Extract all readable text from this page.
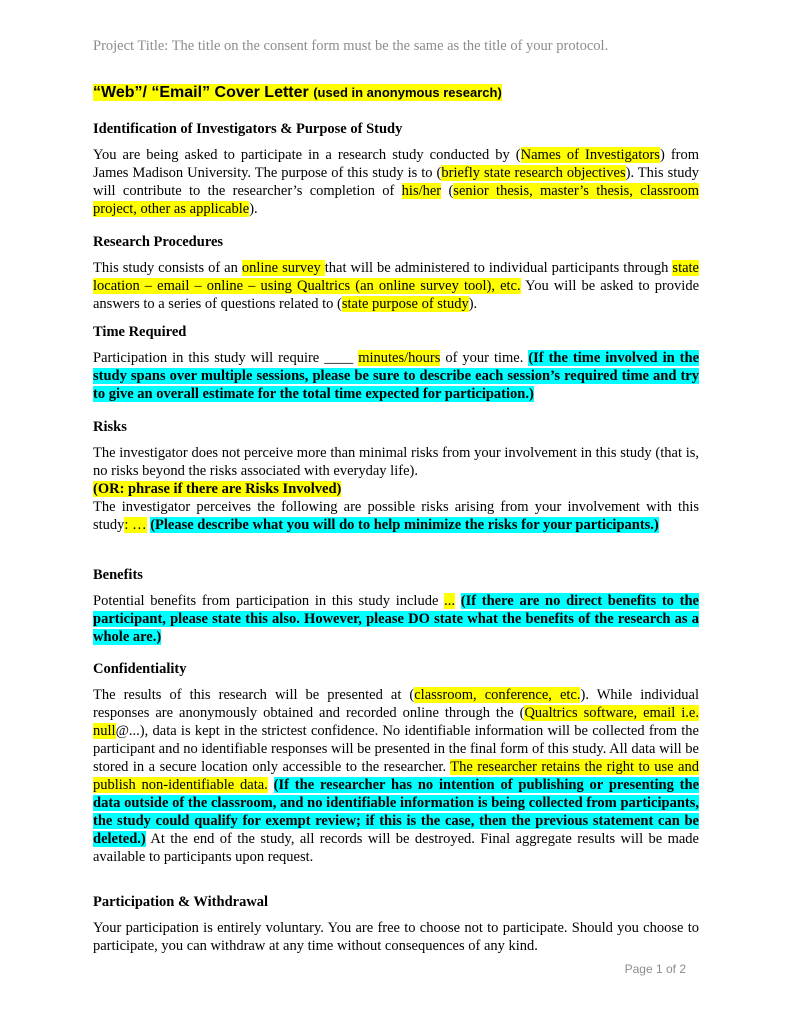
Project Title: The title on the consent form must be the same as the title of your protocol.
“Web”/ “Email” Cover Letter (used in anonymous research)
Identification of Investigators & Purpose of Study

You are being asked to participate in a research study conducted by (Names of Investigators) from James Madison University. The purpose of this study is to (briefly state research objectives). This study will contribute to the researcher’s completion of his/her (senior thesis, master’s thesis, classroom project, other as applicable).

Research Procedures

This study consists of an online survey that will be administered to individual participants through state location – email – online – using Qualtrics (an online survey tool), etc. You will be asked to provide answers to a series of questions related to (state purpose of study).

Time Required

Participation in this study will require ____ minutes/hours of your time. (If the time involved in the study spans over multiple sessions, please be sure to describe each session’s required time and try to give an overall estimate for the total time expected for participation.)

Risks

The investigator does not perceive more than minimal risks from your involvement in this study (that is, no risks beyond the risks associated with everyday life).

(OR: phrase if there are Risks Involved)

The investigator perceives the following are possible risks arising from your involvement with this study: … (Please describe what you will do to help minimize the risks for your participants.)

Benefits

Potential benefits from participation in this study include ... (If there are no direct benefits to the participant, please state this also. However, please DO state what the benefits of the research as a whole are.)

Confidentiality

The results of this research will be presented at (classroom, conference, etc.). While individual responses are anonymously obtained and recorded online through the (Qualtrics software, email i.e. null@...), data is kept in the strictest confidence. No identifiable information will be collected from the participant and no identifiable responses will be presented in the final form of this study. All data will be stored in a secure location only accessible to the researcher. The researcher retains the right to use and publish non-identifiable data. (If the researcher has no intention of publishing or presenting the data outside of the classroom, and no identifiable information is being collected from participants, the study could qualify for exempt review; if this is the case, then the previous statement can be deleted.) At the end of the study, all records will be destroyed. Final aggregate results will be made available to participants upon request.

Participation & Withdrawal

Your participation is entirely voluntary. You are free to choose not to participate. Should you choose to participate, you can withdraw at any time without consequences of any kind.

Page 1 of 2
